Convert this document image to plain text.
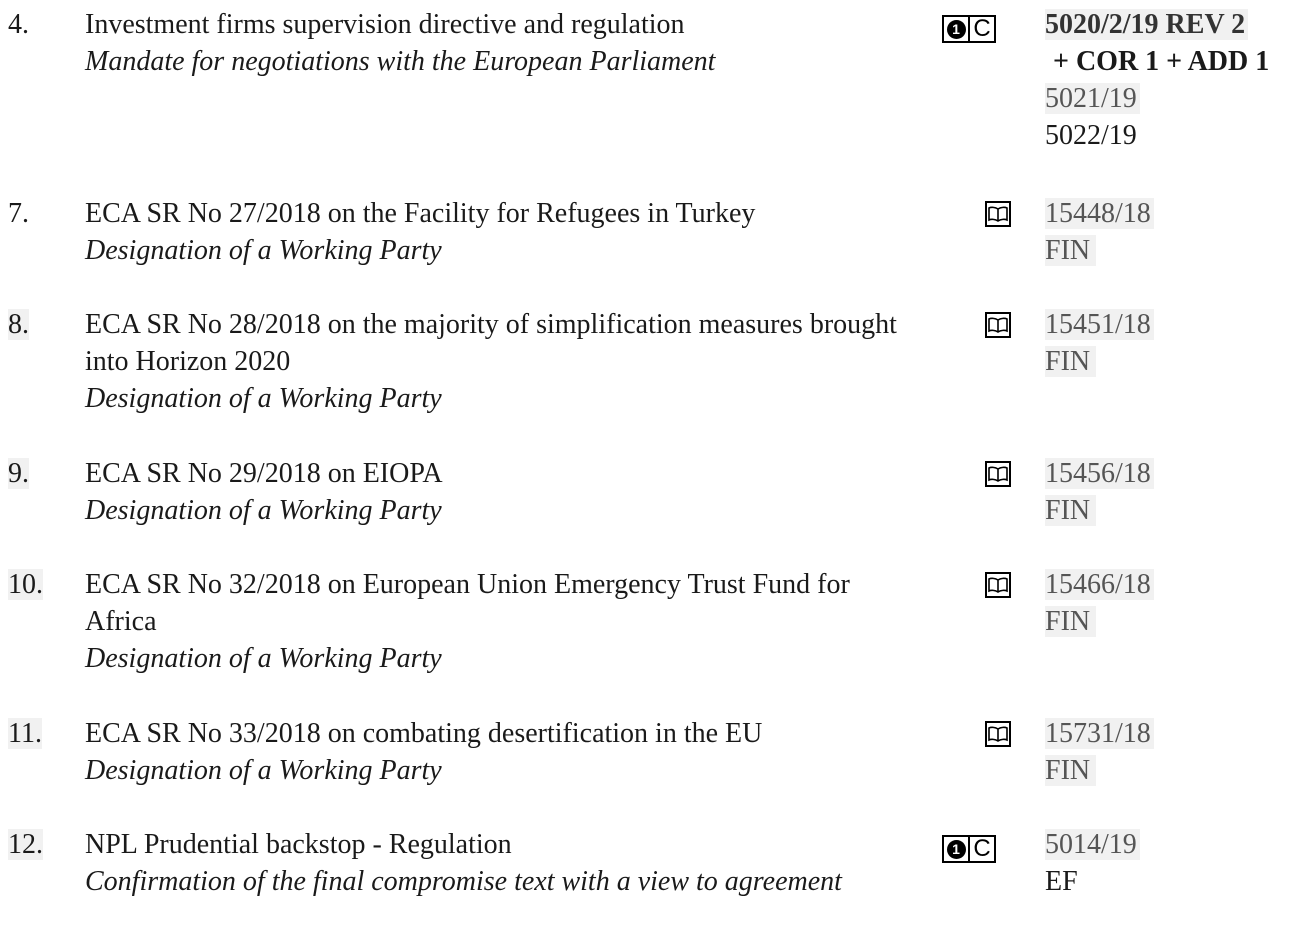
4. Investment firms supervision directive and regulation
Mandate for negotiations with the European Parliament
1 C 5020/2/19 REV 2
+ COR 1 + ADD 1
5021/19
5022/19
7. ECA SR No 27/2018 on the Facility for Refugees in Turkey
Designation of a Working Party
15448/18
FIN
8. ECA SR No 28/2018 on the majority of simplification measures brought into Horizon 2020
Designation of a Working Party
15451/18
FIN
9. ECA SR No 29/2018 on EIOPA
Designation of a Working Party
15456/18
FIN
10. ECA SR No 32/2018 on European Union Emergency Trust Fund for Africa
Designation of a Working Party
15466/18
FIN
11. ECA SR No 33/2018 on combating desertification in the EU
Designation of a Working Party
15731/18
FIN
12. NPL Prudential backstop - Regulation
Confirmation of the final compromise text with a view to agreement
1 C 5014/19
EF
